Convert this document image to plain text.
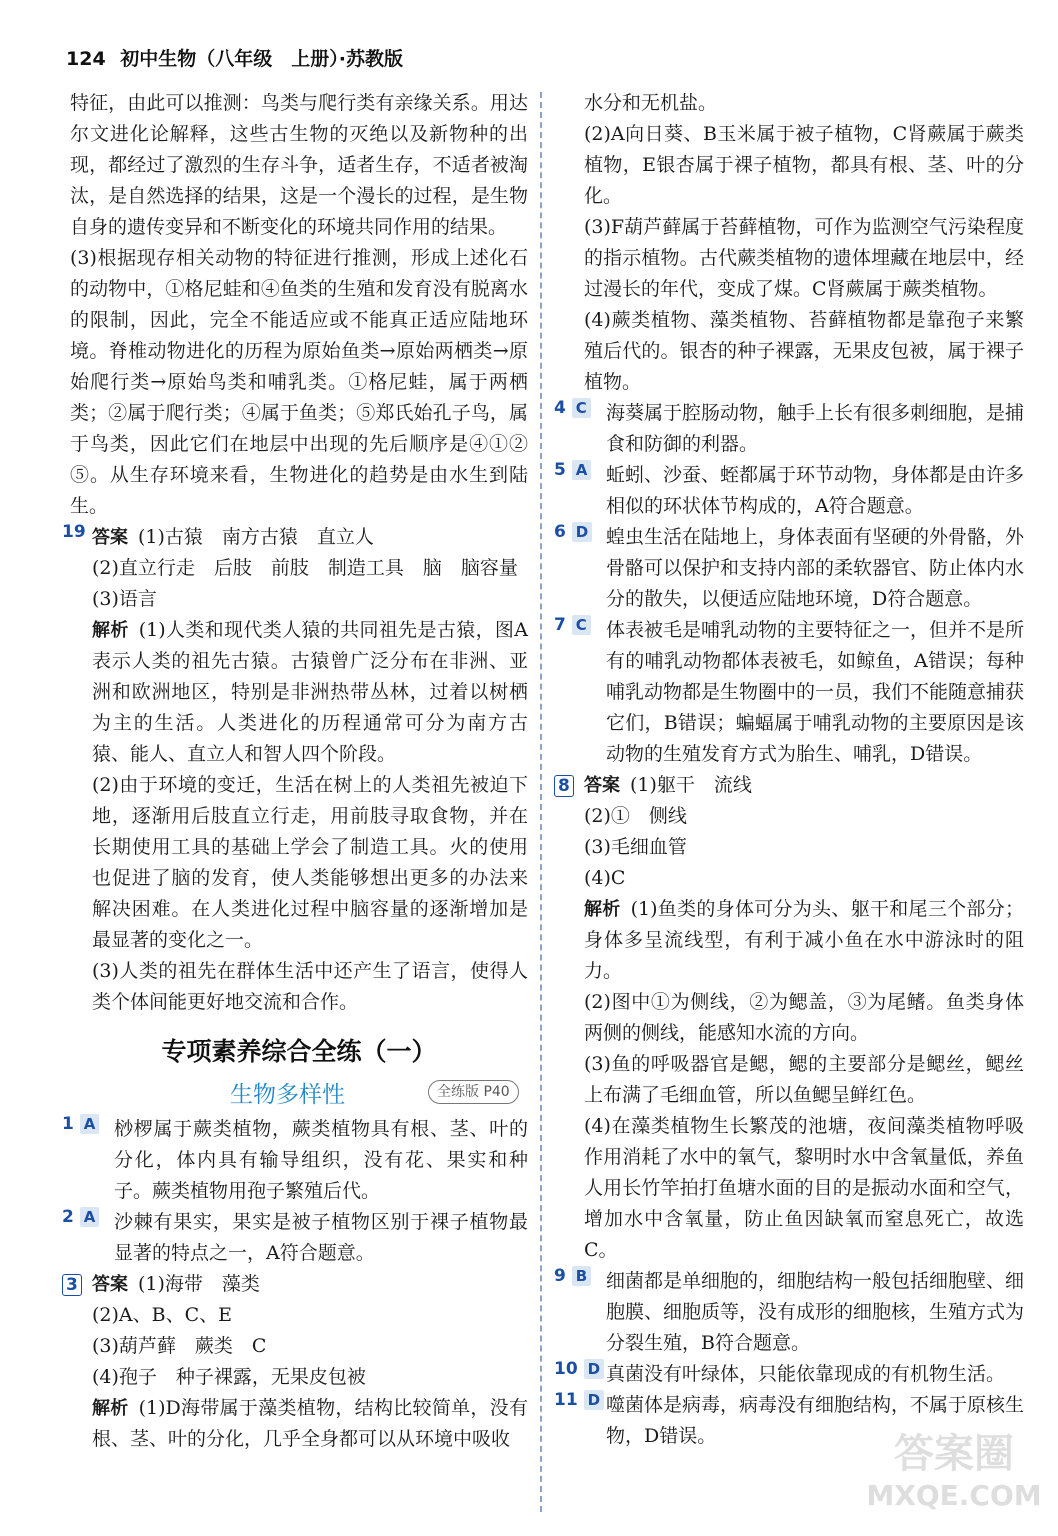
124 初中生物（八年级　上册）·苏教版

特征，由此可以推测：鸟类与爬行类有亲缘关系。用达尔文进化论解释，这些古生物的灭绝以及新物种的出现，都经过了激烈的生存斗争，适者生存，不适者被淘汰，是自然选择的结果，这是一个漫长的过程，是生物自身的遗传变异和不断变化的环境共同作用的结果。

(3)根据现存相关动物的特征进行推测，形成上述化石的动物中，①格尼蛙和④鱼类的生殖和发育没有脱离水的限制，因此，完全不能适应或不能真正适应陆地环境。脊椎动物进化的历程为原始鱼类→原始两栖类→原始爬行类→原始鸟类和哺乳类。①格尼蛙，属于两栖类；②属于爬行类；④属于鱼类；⑤郑氏始孔子鸟，属于鸟类，因此它们在地层中出现的先后顺序是④①②⑤。从生存环境来看，生物进化的趋势是由水生到陆生。

19 答案 (1)古猿　南方古猿　直立人

(2)直立行走　后肢　前肢　制造工具　脑　脑容量

(3)语言

解析 (1)人类和现代类人猿的共同祖先是古猿，图A表示人类的祖先古猿。古猿曾广泛分布在非洲、亚洲和欧洲地区，特别是非洲热带丛林，过着以树栖为主的生活。人类进化的历程通常可分为南方古猿、能人、直立人和智人四个阶段。

(2)由于环境的变迁，生活在树上的人类祖先被迫下地，逐渐用后肢直立行走，用前肢寻取食物，并在长期使用工具的基础上学会了制造工具。火的使用也促进了脑的发育，使人类能够想出更多的办法来解决困难。在人类进化过程中脑容量的逐渐增加是最显著的变化之一。

(3)人类的祖先在群体生活中还产生了语言，使得人类个体间能更好地交流和合作。

专项素养综合全练（一）
生物多样性	全练版 P40
1 A 桫椤属于蕨类植物，蕨类植物具有根、茎、叶的分化，体内具有输导组织，没有花、果实和种子。蕨类植物用孢子繁殖后代。

2 A 沙棘有果实，果实是被子植物区别于裸子植物最显著的特点之一，A符合题意。

3 答案 (1)海带　藻类

(2)A、B、C、E

(3)葫芦藓　蕨类　C

(4)孢子　种子裸露，无果皮包被

解析 (1)D海带属于藻类植物，结构比较简单，没有根、茎、叶的分化，几乎全身都可以从环境中吸收

水分和无机盐。

(2)A向日葵、B玉米属于被子植物，C肾蕨属于蕨类植物，E银杏属于裸子植物，都具有根、茎、叶的分化。

(3)F葫芦藓属于苔藓植物，可作为监测空气污染程度的指示植物。古代蕨类植物的遗体埋藏在地层中，经过漫长的年代，变成了煤。C肾蕨属于蕨类植物。

(4)蕨类植物、藻类植物、苔藓植物都是靠孢子来繁殖后代的。银杏的种子裸露，无果皮包被，属于裸子植物。

4 C	海葵属于腔肠动物，触手上长有很多刺细胞，是捕食和防御的利器。

5 A 蚯蚓、沙蚕、蛭都属于环节动物，身体都是由许多相似的环状体节构成的，A符合题意。

6 D 蝗虫生活在陆地上，身体表面有坚硬的外骨骼，外骨骼可以保护和支持内部的柔软器官、防止体内水分的散失，以便适应陆地环境，D符合题意。

7 C	体表被毛是哺乳动物的主要特征之一，但并不是所有的哺乳动物都体表被毛，如鲸鱼，A错误；每种哺乳动物都是生物圈中的一员，我们不能随意捕获它们，B错误；蝙蝠属于哺乳动物的主要原因是该动物的生殖发育方式为胎生、哺乳，D错误。

8 答案 (1)躯干　流线

(2)①　侧线

(3)毛细血管

(4)C

解析 (1)鱼类的身体可分为头、躯干和尾三个部分；身体多呈流线型，有利于减小鱼在水中游泳时的阻力。

(2)图中①为侧线，②为鳃盖，③为尾鳍。鱼类身体两侧的侧线，能感知水流的方向。

(3)鱼的呼吸器官是鳃，鳃的主要部分是鳃丝，鳃丝上布满了毛细血管，所以鱼鳃呈鲜红色。

(4)在藻类植物生长繁茂的池塘，夜间藻类植物呼吸作用消耗了水中的氧气，黎明时水中含氧量低，养鱼人用长竹竿拍打鱼塘水面的目的是振动水面和空气，增加水中含氧量，防止鱼因缺氧而窒息死亡，故选C。

9 B 细菌都是单细胞的，细胞结构一般包括细胞壁、细胞膜、细胞质等，没有成形的细胞核，生殖方式为分裂生殖，B符合题意。

10 D 真菌没有叶绿体，只能依靠现成的有机物生活。

11 D 噬菌体是病毒，病毒没有细胞结构，不属于原核生物，D错误。	答案圈
MXQE.COM
